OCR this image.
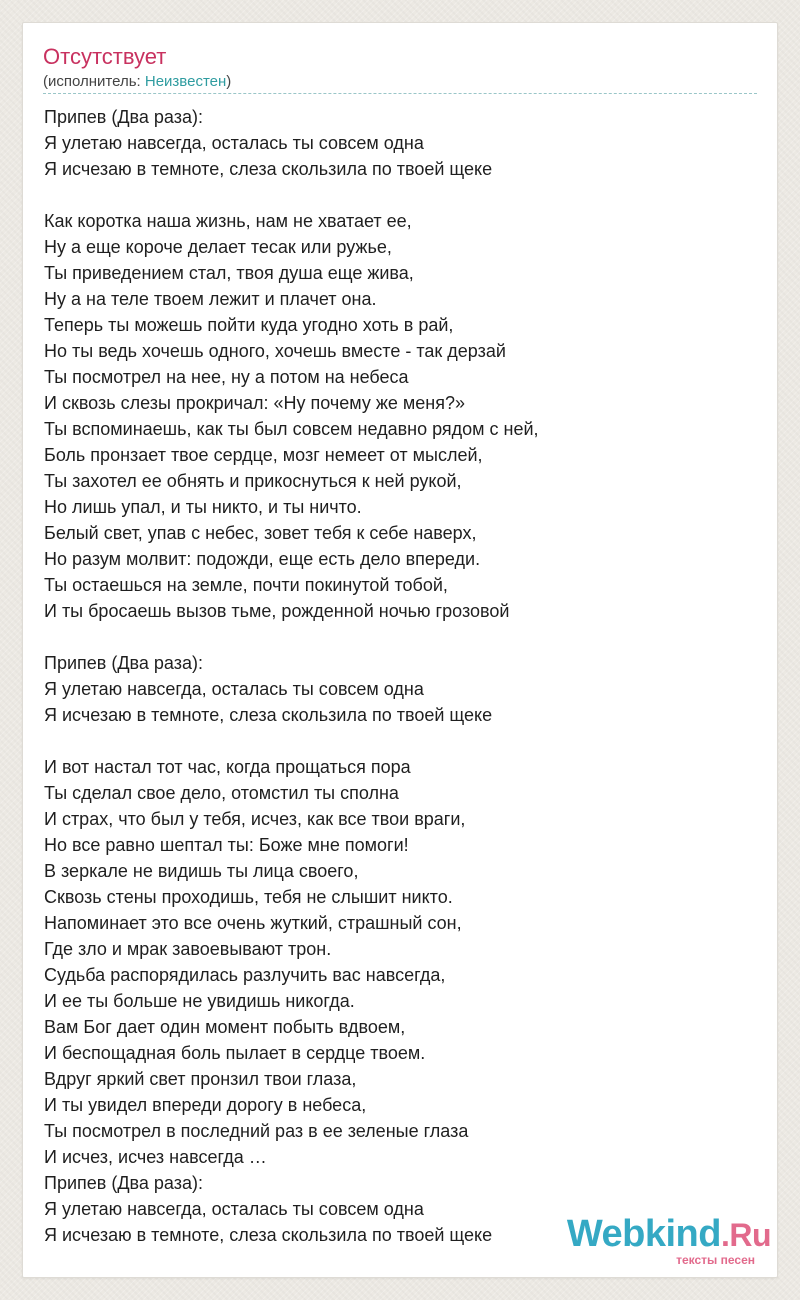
Отсутствует
(исполнитель: Неизвестен)
Припев (Два раза):
Я улетаю навсегда, осталась ты совсем одна
Я исчезаю в темноте, слеза скользила по твоей щеке
Как коротка наша жизнь, нам не хватает ее,
Ну а еще короче делает тесак или ружье,
Ты приведением стал, твоя душа еще жива,
Ну а на теле твоем лежит и плачет она.
Теперь ты можешь пойти куда угодно хоть в рай,
Но ты ведь хочешь одного, хочешь вместе - так дерзай
Ты посмотрел на нее, ну а потом на небеса
И сквозь слезы прокричал: «Ну почему же меня?»
Ты вспоминаешь, как ты был совсем недавно рядом с ней,
Боль пронзает твое сердце, мозг немеет от мыслей,
Ты захотел ее обнять и прикоснуться к ней рукой,
Но лишь упал, и ты никто, и ты ничто.
Белый свет, упав с небес, зовет тебя к себе наверх,
Но разум молвит: подожди, еще есть дело впереди.
Ты остаешься на земле, почти покинутой тобой,
И ты бросаешь вызов тьме, рожденной ночью грозовой
Припев (Два раза):
Я улетаю навсегда, осталась ты совсем одна
Я исчезаю в темноте, слеза скользила по твоей щеке
И вот настал тот час, когда прощаться пора
Ты сделал свое дело, отомстил ты сполна
И страх, что был у тебя, исчез, как все твои враги,
Но все равно шептал ты: Боже мне помоги!
В зеркале не видишь ты лица своего,
Сквозь стены проходишь, тебя не слышит никто.
Напоминает это все очень жуткий, страшный сон,
Где зло и мрак завоевывают трон.
Судьба распорядилась разлучить вас навсегда,
И ее ты больше не увидишь никогда.
Вам Бог дает один момент побыть вдвоем,
И беспощадная боль пылает в сердце твоем.
Вдруг яркий свет пронзил твои глаза,
И ты увидел впереди дорогу в небеса,
Ты посмотрел в последний раз в ее зеленые глаза
И исчез, исчез навсегда …
Припев (Два раза):
Я улетаю навсегда, осталась ты совсем одна
Я исчезаю в темноте, слеза скользила по твоей щеке	Webkind.Ru
тексты песен
